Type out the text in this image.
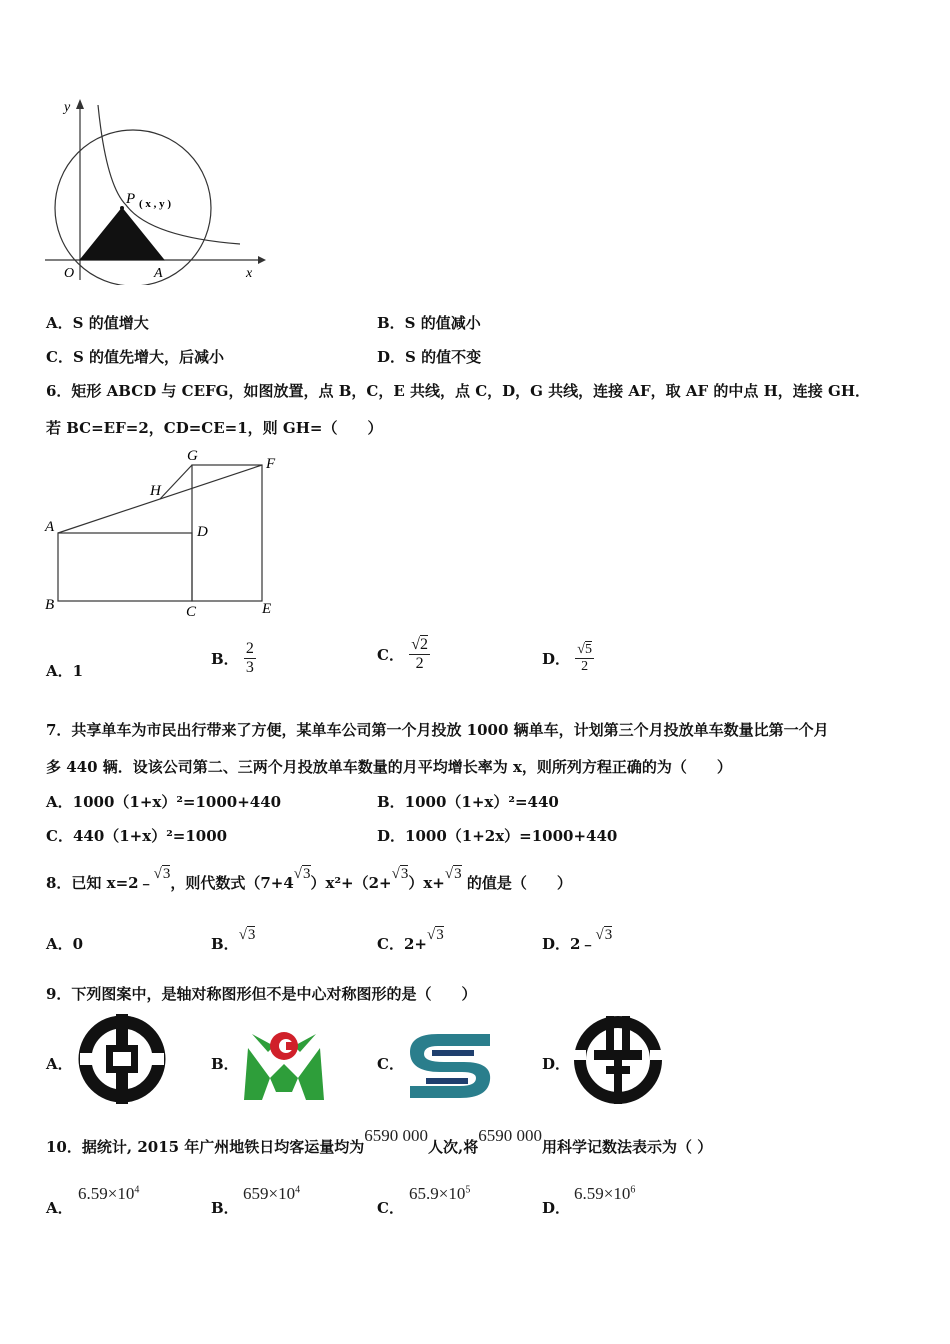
y
x
O	A
P ( x , y )
A．S 的值增大	B．S 的值减小
C．S 的值先增大，后减小	D．S 的值不变
6．矩形 ABCD 与 CEFG，如图放置，点 B，C，E 共线，点 C，D，G 共线，连接 AF，取 AF 的中点 H，连接 GH．
若 BC=EF=2，CD=CE=1，则 GH=（　　）
G	F
H
A	D
B	C	E
A．1
B． $\frac{2}{3}$	C． $\frac{√2}{2}$	D． $\frac{√5}{2}$
7．共享单车为市民出行带来了方便，某单车公司第一个月投放 1000 辆单车，计划第三个月投放单车数量比第一个月
多 440 辆．设该公司第二、三两个月投放单车数量的月平均增长率为 x，则所列方程正确的为（　　）
A．1000（1+x）²=1000+440	B．1000（1+x）²=440
C．440（1+x）²=1000	D．1000（1+2x）=1000+440
8．已知 x=2﹣√3，则代数式（7+4√3）x²+（2+√3）x+√3 的值是（　　）
A．0	B．√3	C．2+√3	D．2﹣√3
9．下列图案中，是轴对称图形但不是中心对称图形的是（　　）
A．	B．	C．	D．
10．据统计, 2015 年广州地铁日均客运量均为6590 000人次,将6590 000用科学记数法表示为（ ）
A．
$6.59\times 10^4$
B．
$659\times 10^4$
C．
$65.9\times 10^5$
D．
$6.59\times 10^6$
